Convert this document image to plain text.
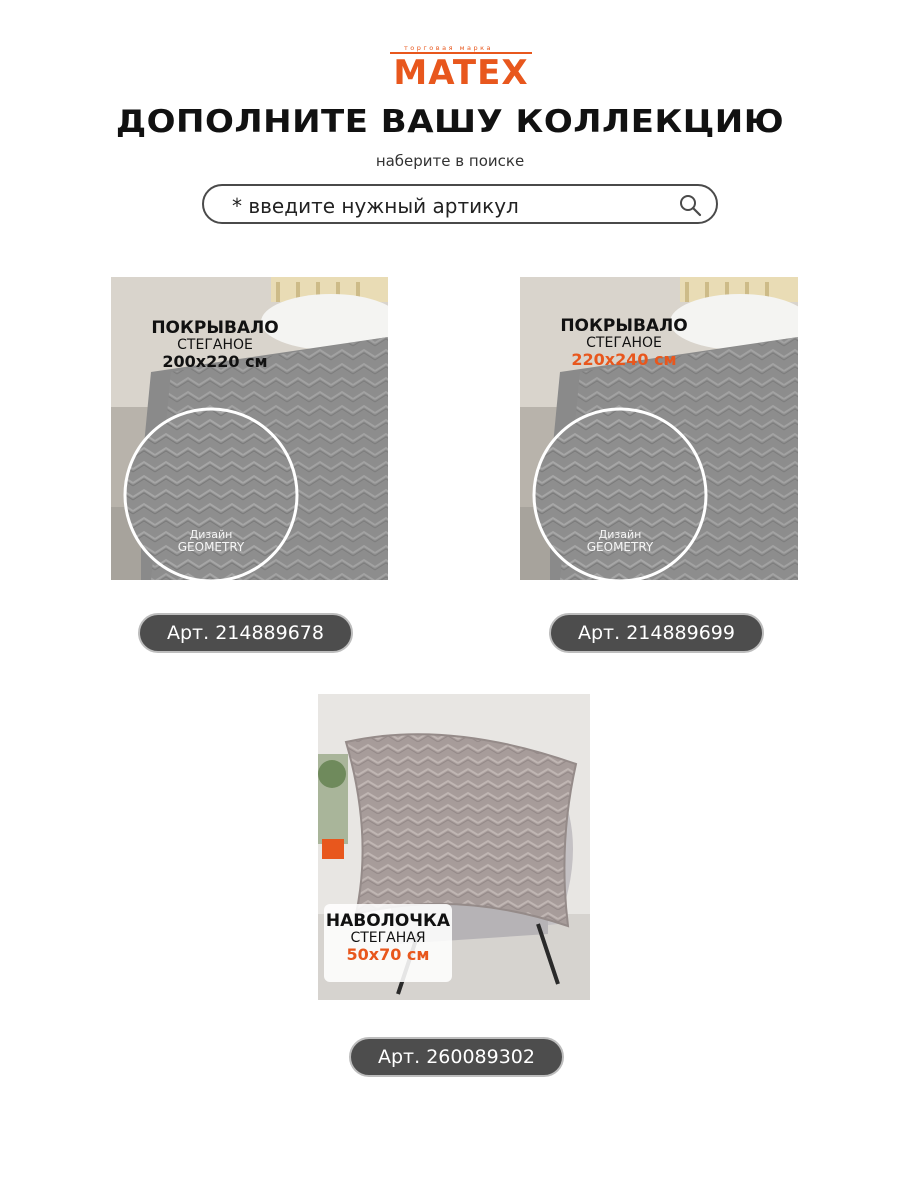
торговая марка
MATEX
ДОПОЛНИТЕ ВАШУ КОЛЛЕКЦИЮ
наберите в поиске
* введите нужный артикул
ПОКРЫВАЛО
СТЕГАНОЕ
200x220 см
Дизайн
GEOMETRY
ПОКРЫВАЛО
СТЕГАНОЕ
220x240 см
Дизайн
GEOMETRY
НАВОЛОЧКА
СТЕГАНАЯ
50x70 см
Арт. 214889678	Арт. 214889699
Арт. 260089302
